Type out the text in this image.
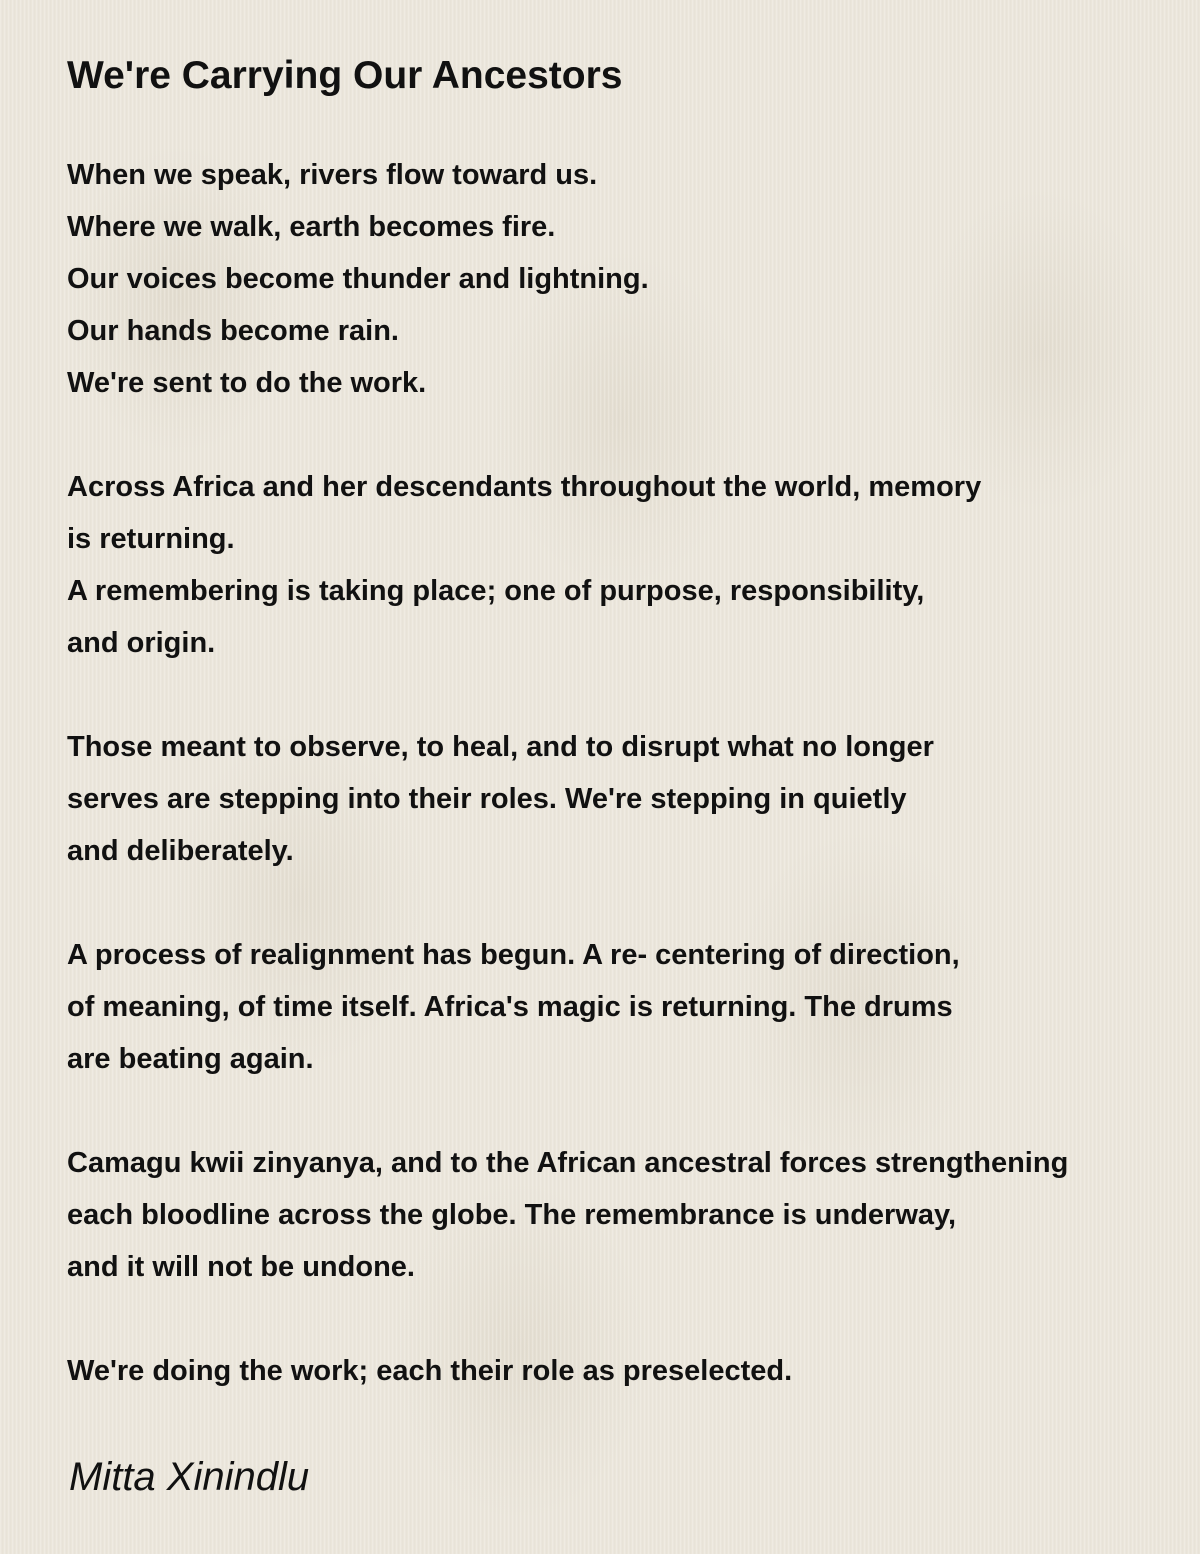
We're Carrying Our Ancestors
When we speak, rivers flow toward us.
Where we walk, earth becomes fire.
Our voices become thunder and lightning.
Our hands become rain.
We're sent to do the work.
Across Africa and her descendants throughout the world, memory
is returning.
A remembering is taking place; one of purpose, responsibility,
and origin.
Those meant to observe, to heal, and to disrupt what no longer
serves are stepping into their roles. We're stepping in quietly
and deliberately.
A process of realignment has begun. A re- centering of direction,
of meaning, of time itself. Africa's magic is returning. The drums
are beating again.
Camagu kwii zinyanya, and to the African ancestral forces strengthening
each bloodline across the globe. The remembrance is underway,
and it will not be undone.
We're doing the work; each their role as preselected.
Mitta Xinindlu
